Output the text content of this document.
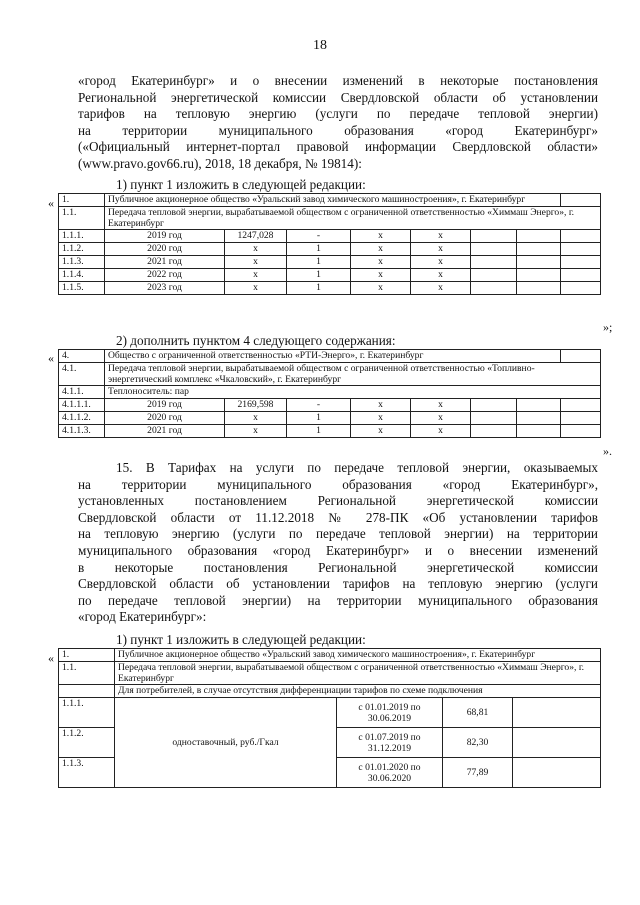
18
«город Екатеринбург» и о внесении изменений в некоторые постановления
Региональной энергетической комиссии Свердловской области об установлении
тарифов на тепловую энергию (услуги по передаче тепловой энергии)
на территории муниципального образования «город Екатеринбург»
(«Официальный интернет-портал правовой информации Свердловской области»
(www.pravo.gov66.ru), 2018, 18 декабря, № 19814):
1) пункт 1 изложить в следующей редакции:
« 1.	Публичное акционерное общество «Уральский завод химического машиностроения», г. Екатеринбург							
1.1.	Передача тепловой энергии, вырабатываемой обществом с ограниченной ответственностью «Химмаш Энерго», г. Екатеринбург							
1.1.1.	2019 год	1247,028	-	х	х			
1.1.2.	2020 год	х	1	х	х			
1.1.3.	2021 год	х	1	х	х			
1.1.4.	2022 год	х	1	х	х			
1.1.5.	2023 год	х	1	х	х			
»;
2) дополнить пунктом 4 следующего содержания:
« 4.	Общество с ограниченной ответственностью «РТИ-Энерго», г. Екатеринбург							
4.1.	Передача тепловой энергии, вырабатываемой обществом с ограниченной ответственностью «Топливно-энергетический комплекс «Чкаловский», г. Екатеринбург							
4.1.1.	Теплоноситель: пар							
4.1.1.1.	2019 год	2169,598	-	х	х			
4.1.1.2.	2020 год	х	1	х	х			
4.1.1.3.	2021 год	х	1	х	х			
».
15. В Тарифах на услуги по передаче тепловой энергии, оказываемых
на территории муниципального образования «город Екатеринбург»,
установленных постановлением Региональной энергетической комиссии
Свердловской области от 11.12.2018 № 278-ПК «Об установлении тарифов
на тепловую энергию (услуги по передаче тепловой энергии) на территории
муниципального образования «город Екатеринбург» и о внесении изменений
в некоторые постановления Региональной энергетической комиссии
Свердловской области об установлении тарифов на тепловую энергию (услуги
по передаче тепловой энергии) на территории муниципального образования
«город Екатеринбург»:
1) пункт 1 изложить в следующей редакции:
« 1.	Публичное акционерное общество «Уральский завод химического машиностроения», г. Екатеринбург			
1.1.	Передача тепловой энергии, вырабатываемой обществом с ограниченной ответственностью «Химмаш Энерго», г. Екатеринбург			
	Для потребителей, в случае отсутствия дифференциации тарифов по схеме подключения			
1.1.1.	одноставочный, руб./Гкал	с 01.01.2019 по 30.06.2019	68,81	
1.1.2.		с 01.07.2019 по 31.12.2019	82,30	
1.1.3.		с 01.01.2020 по 30.06.2020	77,89	
